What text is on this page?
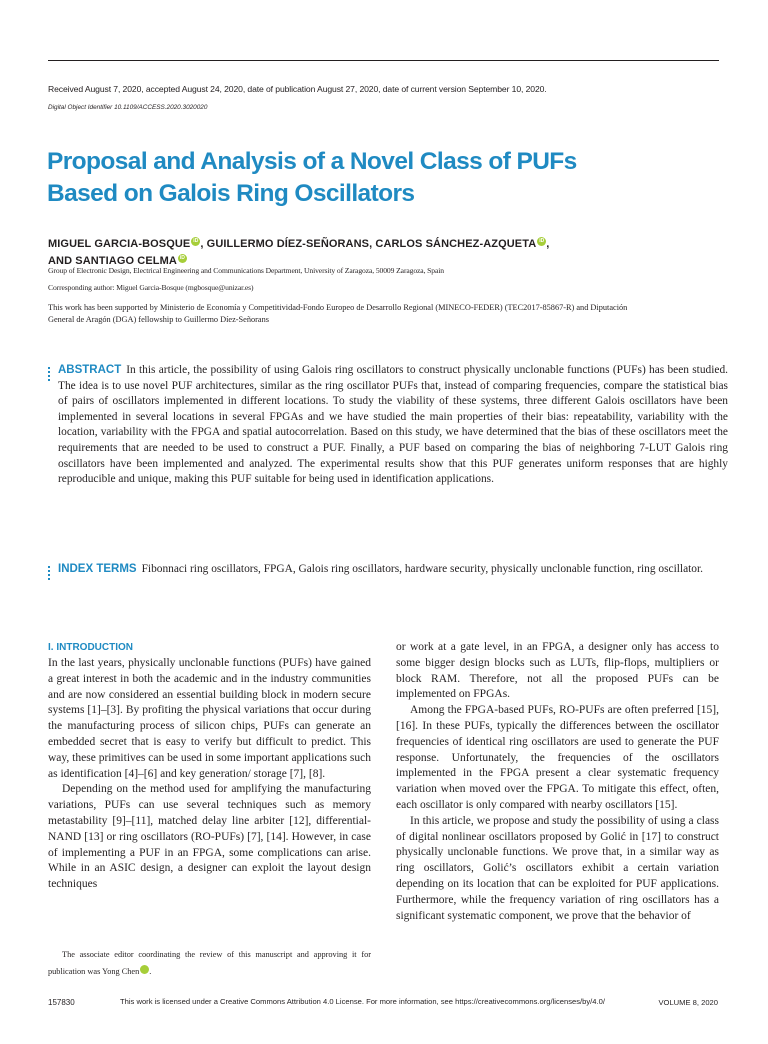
Received August 7, 2020, accepted August 24, 2020, date of publication August 27, 2020, date of current version September 10, 2020.
Digital Object Identifier 10.1109/ACCESS.2020.3020020
Proposal and Analysis of a Novel Class of PUFs
Based on Galois Ring Oscillators
MIGUEL GARCIA-BOSQUE iD , GUILLERMO DÍEZ-SEÑORANS, CARLOS SÁNCHEZ-AZQUETA iD ,
AND SANTIAGO CELMA iD
Group of Electronic Design, Electrical Engineering and Communications Department, University of Zaragoza, 50009 Zaragoza, Spain
Corresponding author: Miguel Garcia-Bosque (mgbosque@unizar.es)
This work has been supported by Ministerio de Economía y Competitividad-Fondo Europeo de Desarrollo Regional (MINECO-FEDER) (TEC2017-85867-R) and Diputación General de Aragón (DGA) fellowship to Guillermo Díez-Señorans
ABSTRACT In this article, the possibility of using Galois ring oscillators to construct physically unclonable functions (PUFs) has been studied. The idea is to use novel PUF architectures, similar as the ring oscillator PUFs that, instead of comparing frequencies, compare the statistical bias of pairs of oscillators implemented in different locations. To study the viability of these systems, three different Galois oscillators have been implemented in several locations in several FPGAs and we have studied the main properties of their bias: repeatability, variability with the location, variability with the FPGA and spatial autocorrelation. Based on this study, we have determined that the bias of these oscillators meet the requirements that are needed to be used to construct a PUF. Finally, a PUF based on comparing the bias of neighboring 7-LUT Galois ring oscillators have been implemented and analyzed. The experimental results show that this PUF generates uniform responses that are highly reproducible and unique, making this PUF suitable for being used in identification applications.
INDEX TERMS Fibonnaci ring oscillators, FPGA, Galois ring oscillators, hardware security, physically unclonable function, ring oscillator.
I. INTRODUCTION

In the last years, physically unclonable functions (PUFs) have gained a great interest in both the academic and in the industry communities and are now considered an essential building block in modern secure systems [1]–[3]. By profiting the physical variations that occur during the manufacturing process of silicon chips, PUFs can generate an embedded secret that is easy to verify but difficult to predict. This way, these primitives can be used in some important applications such as identification [4]–[6] and key generation/ storage [7], [8].

Depending on the method used for amplifying the manufacturing variations, PUFs can use several techniques such as memory metastability [9]–[11], matched delay line arbiter [12], differential-NAND [13] or ring oscillators (RO-PUFs) [7], [14]. However, in case of implementing a PUF in an FPGA, some complications can arise. While in an ASIC design, a designer can exploit the layout design techniques

or work at a gate level, in an FPGA, a designer only has access to some bigger design blocks such as LUTs, flip-flops, multipliers or block RAM. Therefore, not all the proposed PUFs can be implemented on FPGAs.

Among the FPGA-based PUFs, RO-PUFs are often preferred [15], [16]. In these PUFs, typically the differences between the oscillator frequencies of identical ring oscillators are used to generate the PUF response. Unfortunately, the frequencies of the oscillators implemented in the FPGA present a clear systematic frequency variation when moved over the FPGA. To mitigate this effect, often, each oscillator is only compared with nearby oscillators [15].

In this article, we propose and study the possibility of using a class of digital nonlinear oscillators proposed by Golić in [17] to construct physically unclonable functions. We prove that, in a similar way as ring oscillators, Golić’s oscillators exhibit a certain variation depending on its location that can be exploited for PUF applications. Furthermore, while the frequency variation of ring oscillators has a significant systematic component, we prove that the behavior of

The associate editor coordinating the review of this manuscript and approving it for publication was Yong Chen	iD.
157830	This work is licensed under a Creative Commons Attribution 4.0 License. For more information, see https://creativecommons.org/licenses/by/4.0/	VOLUME 8, 2020
